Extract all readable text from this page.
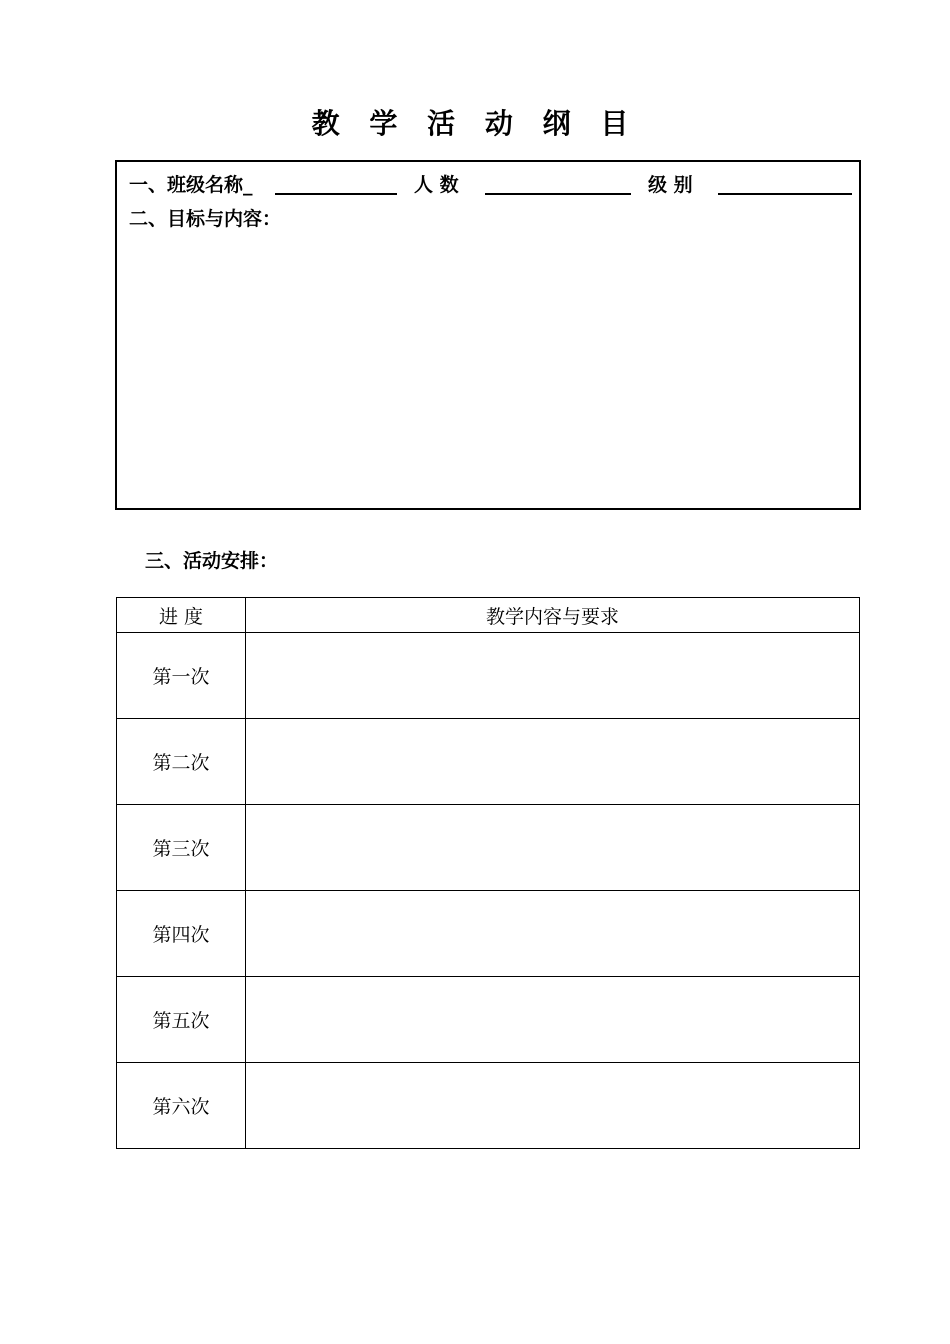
教 学 活 动 纲 目
一、班级名称_	人 数	级 别
二、目标与内容：
三、活动安排：
进 度	教学内容与要求
第一次	
第二次	
第三次	
第四次	
第五次	
第六次	
